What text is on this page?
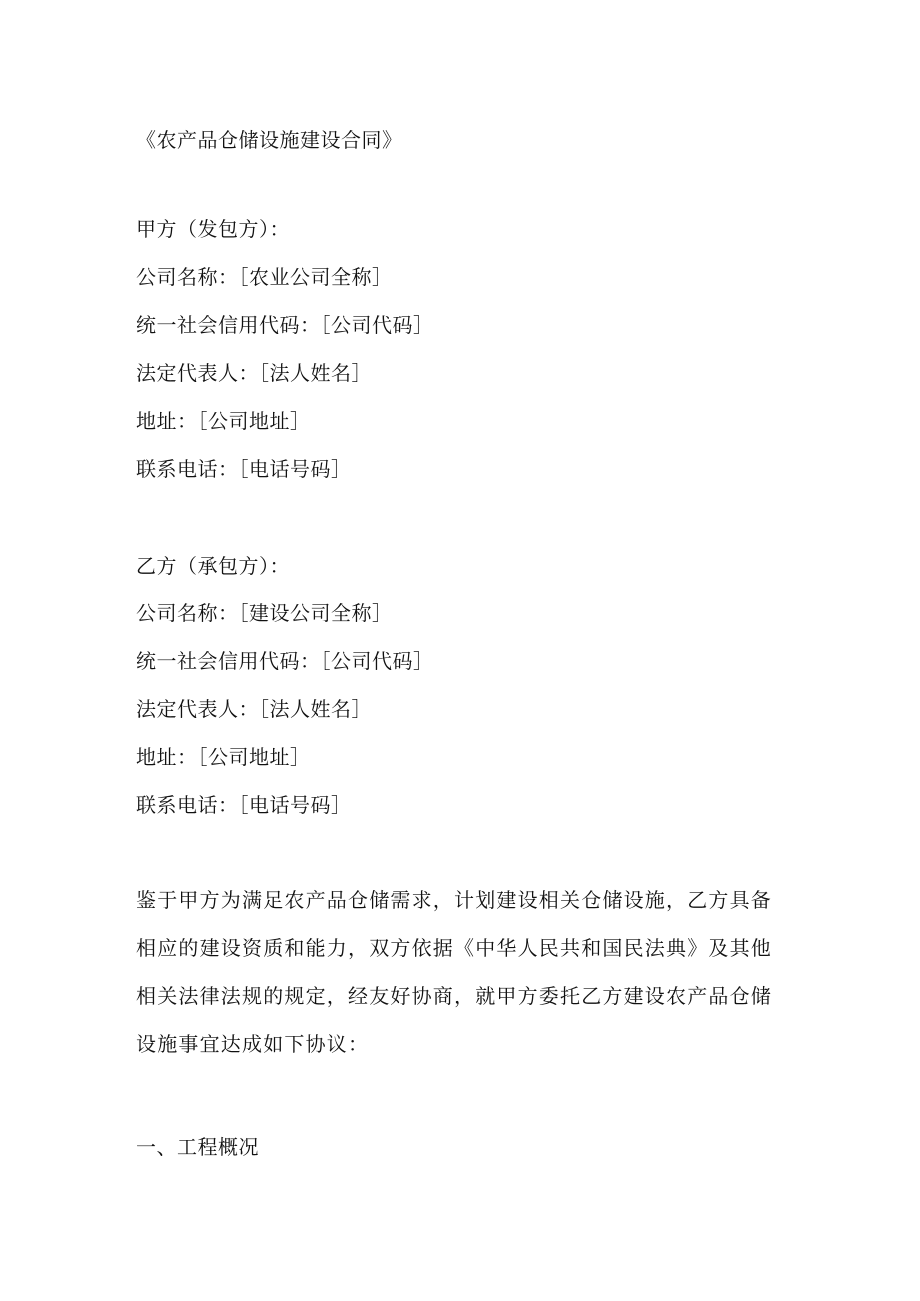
《农产品仓储设施建设合同》
甲方（发包方）：
公司名称：［农业公司全称］
统一社会信用代码：［公司代码］
法定代表人：［法人姓名］
地址：［公司地址］
联系电话：［电话号码］
乙方（承包方）：
公司名称：［建设公司全称］
统一社会信用代码：［公司代码］
法定代表人：［法人姓名］
地址：［公司地址］
联系电话：［电话号码］
鉴于甲方为满足农产品仓储需求，计划建设相关仓储设施，乙方具备相应的建设资质和能力，双方依据《中华人民共和国民法典》及其他相关法律法规的规定，经友好协商，就甲方委托乙方建设农产品仓储设施事宜达成如下协议：
一、工程概况
